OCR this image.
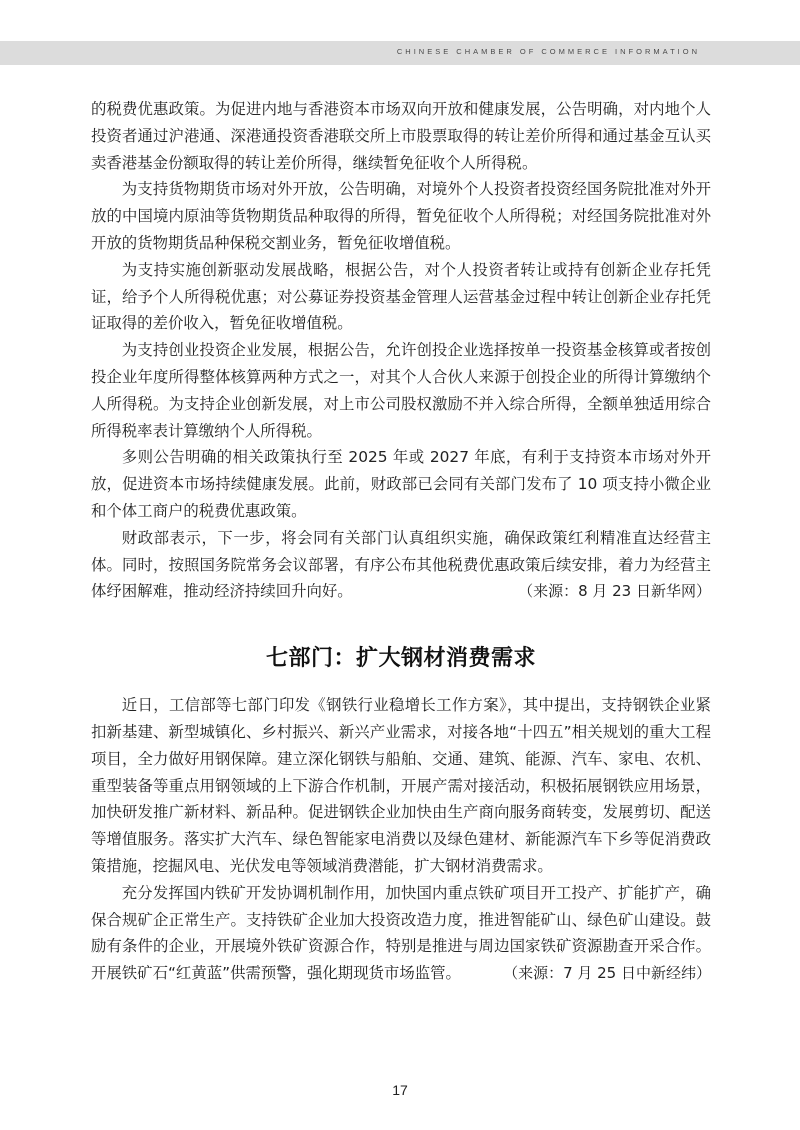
CHINESE CHAMBER OF COMMERCE INFORMATION

的税费优惠政策。为促进内地与香港资本市场双向开放和健康发展，公告明确，对内地个人投资者通过沪港通、深港通投资香港联交所上市股票取得的转让差价所得和通过基金互认买卖香港基金份额取得的转让差价所得，继续暂免征收个人所得税。

为支持货物期货市场对外开放，公告明确，对境外个人投资者投资经国务院批准对外开放的中国境内原油等货物期货品种取得的所得，暂免征收个人所得税；对经国务院批准对外开放的货物期货品种保税交割业务，暂免征收增值税。

为支持实施创新驱动发展战略，根据公告，对个人投资者转让或持有创新企业存托凭证，给予个人所得税优惠；对公募证券投资基金管理人运营基金过程中转让创新企业存托凭证取得的差价收入，暂免征收增值税。

为支持创业投资企业发展，根据公告，允许创投企业选择按单一投资基金核算或者按创投企业年度所得整体核算两种方式之一，对其个人合伙人来源于创投企业的所得计算缴纳个人所得税。为支持企业创新发展，对上市公司股权激励不并入综合所得，全额单独适用综合所得税率表计算缴纳个人所得税。

多则公告明确的相关政策执行至 2025 年或 2027 年底，有利于支持资本市场对外开放，促进资本市场持续健康发展。此前，财政部已会同有关部门发布了 10 项支持小微企业和个体工商户的税费优惠政策。

财政部表示，下一步，将会同有关部门认真组织实施，确保政策红利精准直达经营主体。同时，按照国务院常务会议部署，有序公布其他税费优惠政策后续安排，着力为经营主体纾困解难，推动经济持续回升向好。	（来源：8 月 23 日新华网）

七部门：扩大钢材消费需求

近日，工信部等七部门印发《钢铁行业稳增长工作方案》，其中提出，支持钢铁企业紧扣新基建、新型城镇化、乡村振兴、新兴产业需求，对接各地“十四五”相关规划的重大工程项目，全力做好用钢保障。建立深化钢铁与船舶、交通、建筑、能源、汽车、家电、农机、重型装备等重点用钢领域的上下游合作机制，开展产需对接活动，积极拓展钢铁应用场景，加快研发推广新材料、新品种。促进钢铁企业加快由生产商向服务商转变，发展剪切、配送等增值服务。落实扩大汽车、绿色智能家电消费以及绿色建材、新能源汽车下乡等促消费政策措施，挖掘风电、光伏发电等领域消费潜能，扩大钢材消费需求。

充分发挥国内铁矿开发协调机制作用，加快国内重点铁矿项目开工投产、扩能扩产，确保合规矿企正常生产。支持铁矿企业加大投资改造力度，推进智能矿山、绿色矿山建设。鼓励有条件的企业，开展境外铁矿资源合作，特别是推进与周边国家铁矿资源勘查开采合作。开展铁矿石“红黄蓝”供需预警，强化期现货市场监管。	（来源：7 月 25 日中新经纬）

17
